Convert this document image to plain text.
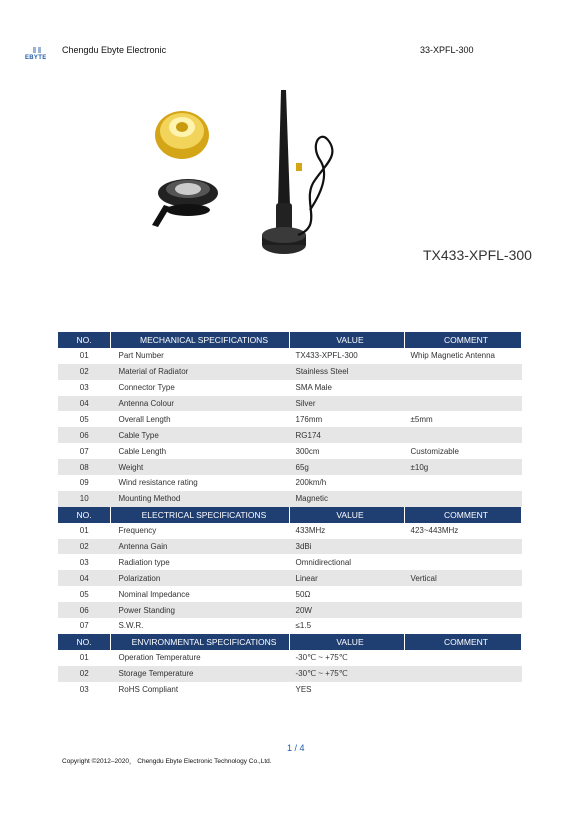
EBYTE
Chengdu Ebyte Electronic	33-XPFL-300
TX433-XPFL-300
NO.	MECHANICAL SPECIFICATIONS	VALUE	COMMENT
01	Part Number	TX433-XPFL-300	Whip Magnetic Antenna
02	Material of Radiator	Stainless Steel	
03	Connector Type	SMA Male	
04	Antenna Colour	Silver	
05	Overall Length	176mm	±5mm
06	Cable Type	RG174	
07	Cable Length	300cm	Customizable
08	Weight	65g	±10g
09	Wind resistance rating	200km/h	
10	Mounting Method	Magnetic	
NO.	ELECTRICAL SPECIFICATIONS	VALUE	COMMENT
01	Frequency	433MHz	423~443MHz
02	Antenna Gain	3dBi	
03	Radiation type	Omnidirectional	
04	Polarization	Linear	Vertical
05	Nominal Impedance	50Ω	
06	Power Standing	20W	
07	S.W.R.	≤1.5	
NO.	ENVIRONMENTAL SPECIFICATIONS	VALUE	COMMENT
01	Operation Temperature	-30℃ ~ +75℃	
02	Storage Temperature	-30℃ ~ +75℃	
03	RoHS Compliant	YES	
1 / 4
Copyright ©2012–2020， Chengdu Ebyte Electronic Technology Co.,Ltd.
